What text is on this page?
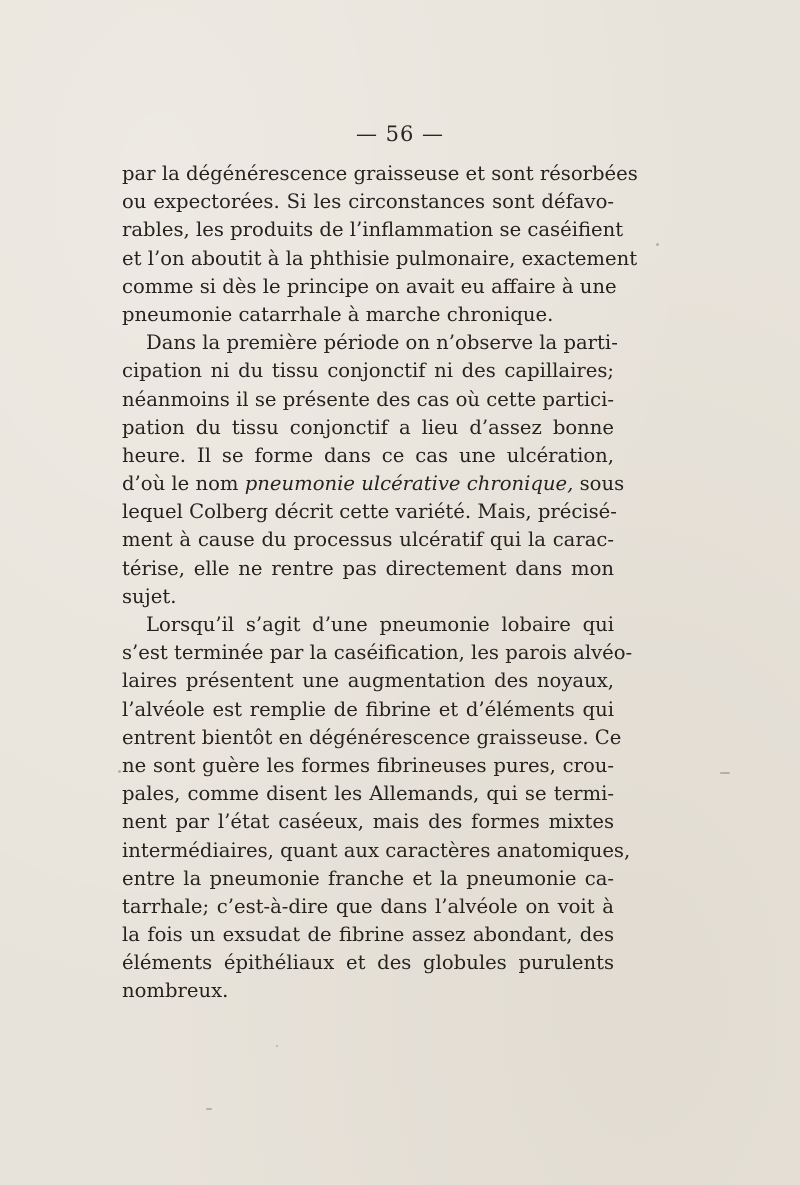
— 56 —
par la dégénérescence graisseuse et sont résorbées
ou expectorées. Si les circonstances sont défavo-
rables, les produits de l’inflammation se caséifient
et l’on aboutit à la phthisie pulmonaire, exactement
comme si dès le principe on avait eu affaire à une
pneumonie catarrhale à marche chronique.
Dans la première période on n’observe la parti-
cipation ni du tissu conjonctif ni des capillaires;
néanmoins il se présente des cas où cette partici-
pation du tissu conjonctif a lieu d’assez bonne
heure. Il se forme dans ce cas une ulcération,
d’où le nom pneumonie ulcérative chronique, sous
lequel Colberg décrit cette variété. Mais, précisé-
ment à cause du processus ulcératif qui la carac-
térise, elle ne rentre pas directement dans mon
sujet.
Lorsqu’il s’agit d’une pneumonie lobaire qui
s’est terminée par la caséification, les parois alvéo-
laires présentent une augmentation des noyaux,
l’alvéole est remplie de fibrine et d’éléments qui
entrent bientôt en dégénérescence graisseuse. Ce
ne sont guère les formes fibrineuses pures, crou-
pales, comme disent les Allemands, qui se termi-
nent par l’état caséeux, mais des formes mixtes
intermédiaires, quant aux caractères anatomiques,
entre la pneumonie franche et la pneumonie ca-
tarrhale; c’est-à-dire que dans l’alvéole on voit à
la fois un exsudat de fibrine assez abondant, des
éléments épithéliaux et des globules purulents
nombreux.
